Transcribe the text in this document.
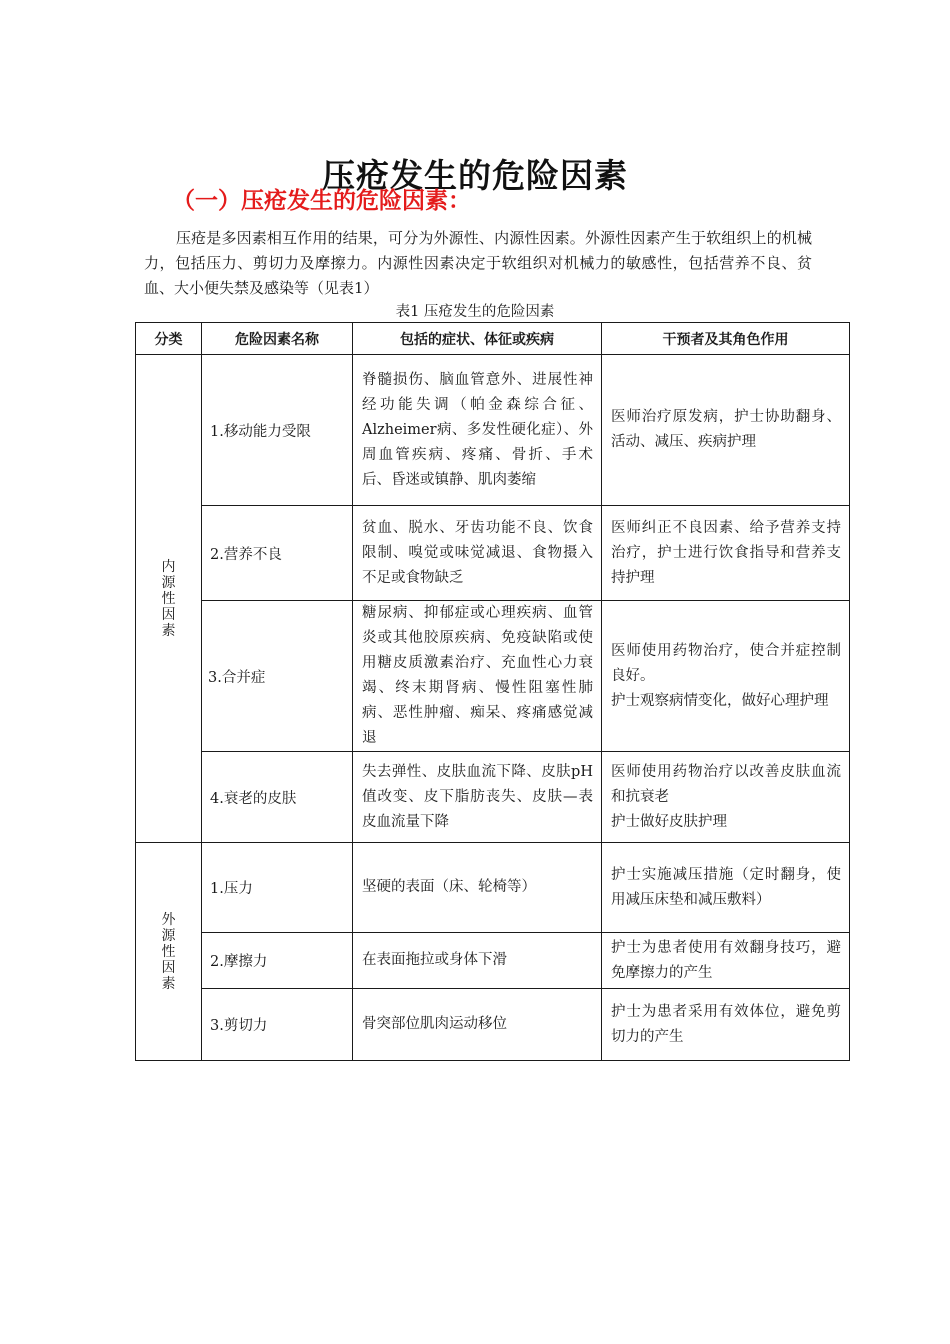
压疮发生的危险因素
（一）压疮发生的危险因素：

压疮是多因素相互作用的结果，可分为外源性、内源性因素。外源性因素产生于软组织上的机械力，包括压力、剪切力及摩擦力。内源性因素决定于软组织对机械力的敏感性，包括营养不良、贫血、大小便失禁及感染等（见表1）

表1 压疮发生的危险因素
分类	危险因素名称	包括的症状、体征或疾病	干预者及其角色作用
内源性因素	1.移动能力受限	脊髓损伤、脑血管意外、进展性神经功能失调（帕金森综合征、Alzheimer病、多发性硬化症）、外周血管疾病、疼痛、骨折、手术后、昏迷或镇静、肌肉萎缩	医师治疗原发病，护士协助翻身、活动、减压、疾病护理

	2.营养不良	贫血、脱水、牙齿功能不良、饮食限制、嗅觉或味觉减退、食物摄入不足或食物缺乏	医师纠正不良因素、给予营养支持治疗，护士进行饮食指导和营养支持护理

	3.合并症	糖尿病、抑郁症或心理疾病、血管炎或其他胶原疾病、免疫缺陷或使用糖皮质激素治疗、充血性心力衰竭、终末期肾病、慢性阻塞性肺病、恶性肿瘤、痴呆、疼痛感觉减退	医师使用药物治疗，使合并症控制良好。
护士观察病情变化，做好心理护理

	4.衰老的皮肤	失去弹性、皮肤血流下降、皮肤pH值改变、皮下脂肪丧失、皮肤—表皮血流量下降	医师使用药物治疗以改善皮肤血流和抗衰老
护士做好皮肤护理

外源性因素	1.压力	坚硬的表面（床、轮椅等）	护士实施减压措施（定时翻身，使用减压床垫和减压敷料）

	2.摩擦力	在表面拖拉或身体下滑	护士为患者使用有效翻身技巧，避免摩擦力的产生

	3.剪切力	骨突部位肌肉运动移位	护士为患者采用有效体位，避免剪切力的产生
